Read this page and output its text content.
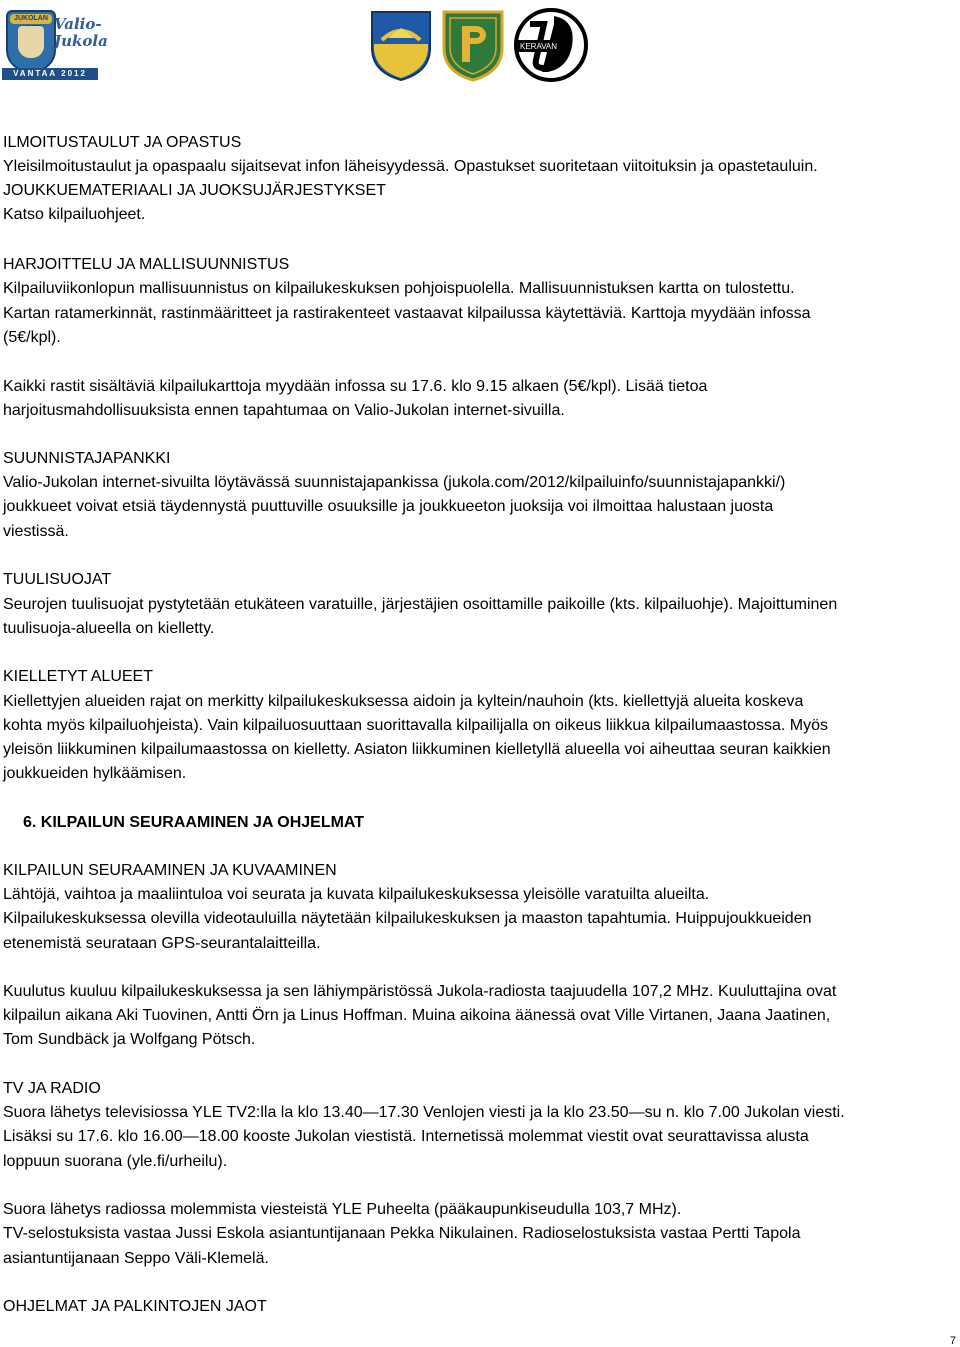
JUKOLAN Valio-Jukola
VANTAA 2012
KERAVAN
ILMOITUSTAULUT JA OPASTUS
Yleisilmoitustaulut ja opaspaalu sijaitsevat infon läheisyydessä. Opastukset suoritetaan viitoituksin ja opastetauluin.
JOUKKUEMATERIAALI JA JUOKSUJÄRJESTYKSET
Katso kilpailuohjeet.
HARJOITTELU JA MALLISUUNNISTUS
Kilpailuviikonlopun mallisuunnistus on kilpailukeskuksen pohjoispuolella. Mallisuunnistuksen kartta on tulostettu.
Kartan ratamerkinnät, rastinmääritteet ja rastirakenteet vastaavat kilpailussa käytettäviä. Karttoja myydään infossa
(5€/kpl).
Kaikki rastit sisältäviä kilpailukarttoja myydään infossa su 17.6. klo 9.15 alkaen (5€/kpl). Lisää tietoa
harjoitusmahdollisuuksista ennen tapahtumaa on Valio-Jukolan internet-sivuilla.
SUUNNISTAJAPANKKI
Valio-Jukolan internet-sivuilta löytävässä suunnistajapankissa (jukola.com/2012/kilpailuinfo/suunnistajapankki/)
joukkueet voivat etsiä täydennystä puuttuville osuuksille ja joukkueeton juoksija voi ilmoittaa halustaan juosta
viestissä.
TUULISUOJAT
Seurojen tuulisuojat pystytetään etukäteen varatuille, järjestäjien osoittamille paikoille (kts. kilpailuohje). Majoittuminen
tuulisuoja-alueella on kielletty.
KIELLETYT ALUEET
Kiellettyjen alueiden rajat on merkitty kilpailukeskuksessa aidoin ja kyltein/nauhoin (kts. kiellettyjä alueita koskeva
kohta myös kilpailuohjeista). Vain kilpailuosuuttaan suorittavalla kilpailijalla on oikeus liikkua kilpailumaastossa. Myös
yleisön liikkuminen kilpailumaastossa on kielletty. Asiaton liikkuminen kielletyllä alueella voi aiheuttaa seuran kaikkien
joukkueiden hylkäämisen.
6. KILPAILUN SEURAAMINEN JA OHJELMAT
KILPAILUN SEURAAMINEN JA KUVAAMINEN
Lähtöjä, vaihtoa ja maaliintuloa voi seurata ja kuvata kilpailukeskuksessa yleisölle varatuilta alueilta.
Kilpailukeskuksessa olevilla videotauluilla näytetään kilpailukeskuksen ja maaston tapahtumia. Huippujoukkueiden
etenemistä seurataan GPS-seurantalaitteilla.
Kuulutus kuuluu kilpailukeskuksessa ja sen lähiympäristössä Jukola-radiosta taajuudella 107,2 MHz. Kuuluttajina ovat
kilpailun aikana Aki Tuovinen, Antti Örn ja Linus Hoffman. Muina aikoina äänessä ovat Ville Virtanen, Jaana Jaatinen,
Tom Sundbäck ja Wolfgang Pötsch.
TV JA RADIO
Suora lähetys televisiossa YLE TV2:lla la klo 13.40—17.30 Venlojen viesti ja la klo 23.50—su n. klo 7.00 Jukolan viesti.
Lisäksi su 17.6. klo 16.00—18.00 kooste Jukolan viestistä. Internetissä molemmat viestit ovat seurattavissa alusta
loppuun suorana (yle.fi/urheilu).
Suora lähetys radiossa molemmista viesteistä YLE Puheelta (pääkaupunkiseudulla 103,7 MHz).
TV-selostuksista vastaa Jussi Eskola asiantuntijanaan Pekka Nikulainen. Radioselostuksista vastaa Pertti Tapola
asiantuntijanaan Seppo Väli-Klemelä.
OHJELMAT JA PALKINTOJEN JAOT
7
